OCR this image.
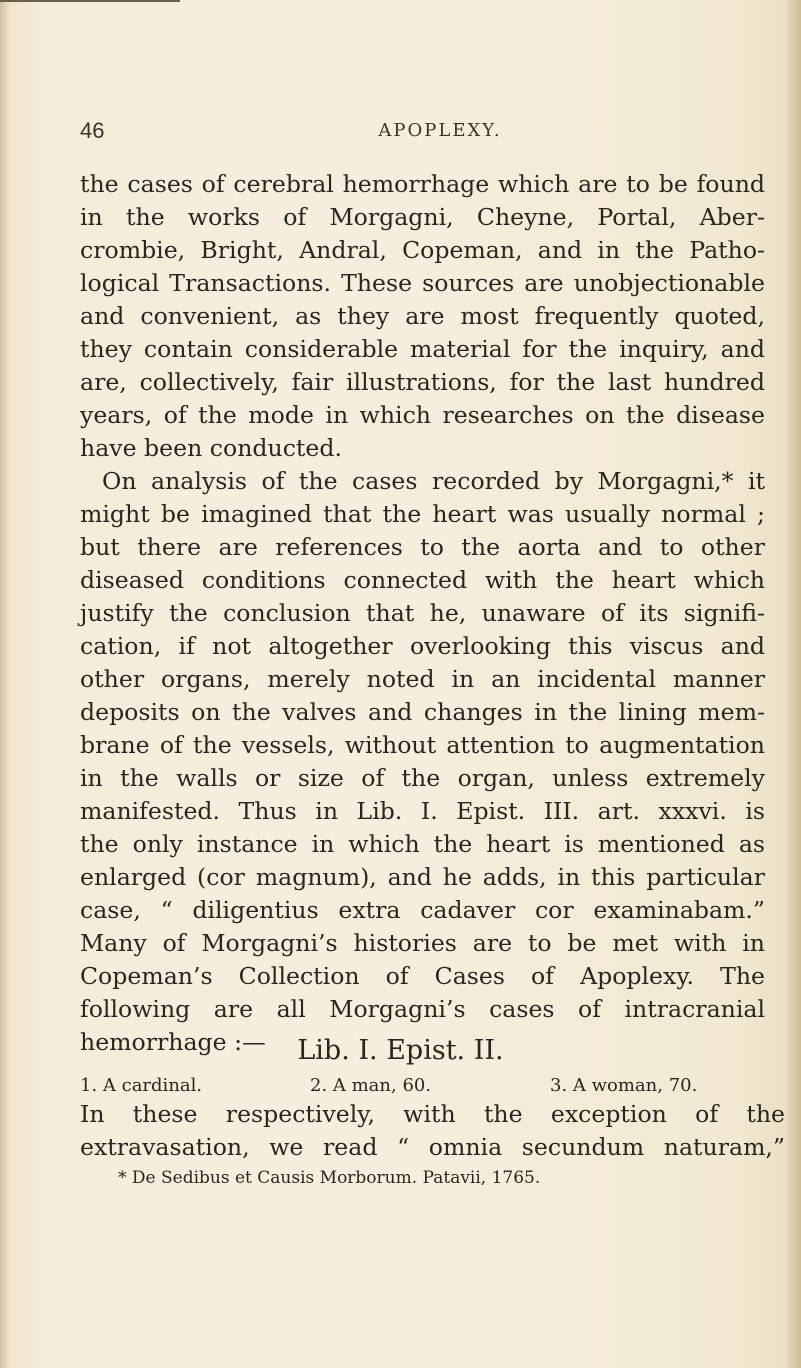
46	APOPLEXY.
the cases of cerebral hemorrhage which are to be found
in the works of Morgagni, Cheyne, Portal, Aber-
crombie, Bright, Andral, Copeman, and in the Patho-
logical Transactions. These sources are unobjectionable
and convenient, as they are most frequently quoted,
they contain considerable material for the inquiry, and
are, collectively, fair illustrations, for the last hundred
years, of the mode in which researches on the disease
have been conducted.
On analysis of the cases recorded by Morgagni,* it
might be imagined that the heart was usually normal ;
but there are references to the aorta and to other
diseased conditions connected with the heart which
justify the conclusion that he, unaware of its signifi-
cation, if not altogether overlooking this viscus and
other organs, merely noted in an incidental manner
deposits on the valves and changes in the lining mem-
brane of the vessels, without attention to augmentation
in the walls or size of the organ, unless extremely
manifested. Thus in Lib. I. Epist. III. art. xxxvi. is
the only instance in which the heart is mentioned as
enlarged (cor magnum), and he adds, in this particular
case, “ diligentius extra cadaver cor examinabam.”
Many of Morgagni’s histories are to be met with in
Copeman’s Collection of Cases of Apoplexy. The
following are all Morgagni’s cases of intracranial
hemorrhage :—	Lib. I. Epist. II.
1. A cardinal.	2. A man, 60.	3. A woman, 70.
In these respectively, with the exception of the
extravasation, we read “ omnia secundum naturam,”
* De Sedibus et Causis Morborum. Patavii, 1765.
